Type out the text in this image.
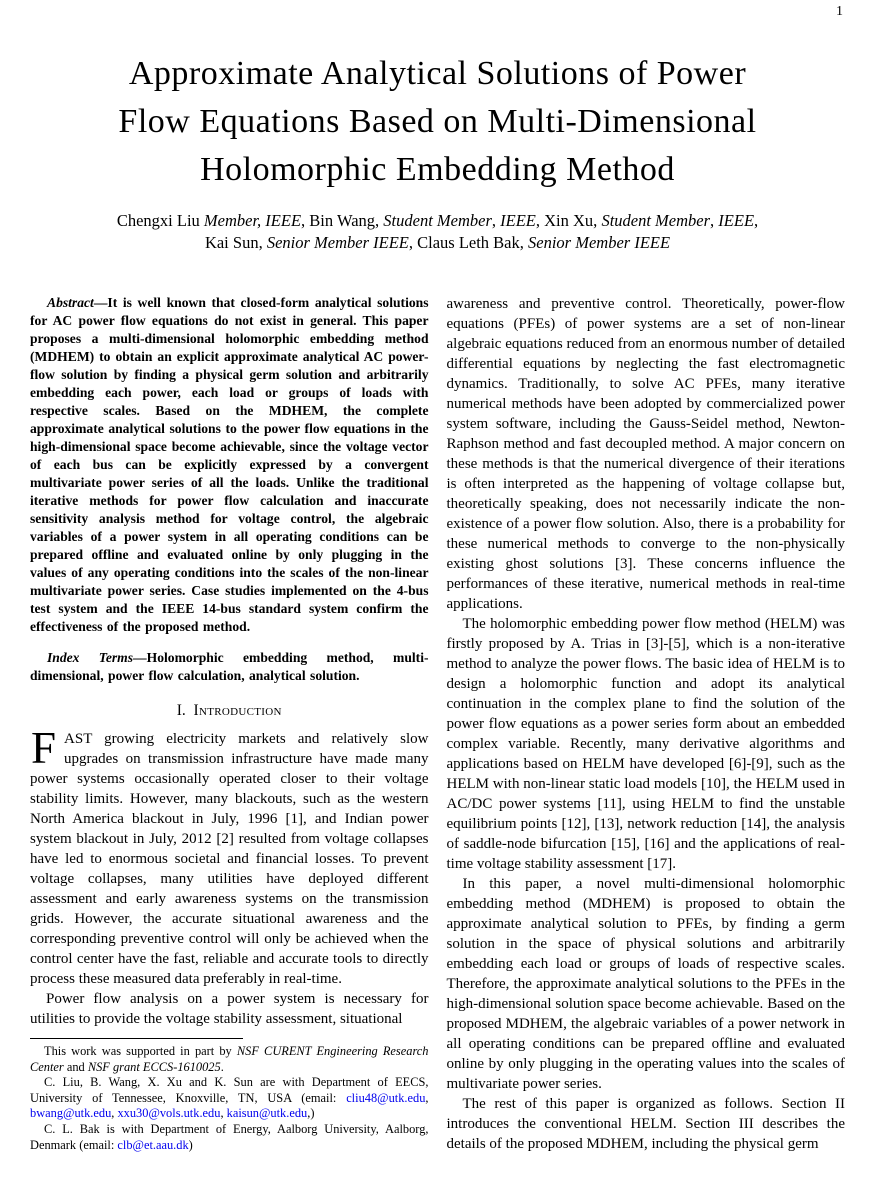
1
Approximate Analytical Solutions of Power
Flow Equations Based on Multi-Dimensional
Holomorphic Embedding Method
Chengxi Liu Member, IEEE, Bin Wang, Student Member, IEEE, Xin Xu, Student Member, IEEE,
Kai Sun, Senior Member IEEE, Claus Leth Bak, Senior Member IEEE

Abstract—It is well known that closed-form analytical solutions for AC power flow equations do not exist in general. This paper proposes a multi-dimensional holomorphic embedding method (MDHEM) to obtain an explicit approximate analytical AC power-flow solution by finding a physical germ solution and arbitrarily embedding each power, each load or groups of loads with respective scales. Based on the MDHEM, the complete approximate analytical solutions to the power flow equations in the high-dimensional space become achievable, since the voltage vector of each bus can be explicitly expressed by a convergent multivariate power series of all the loads. Unlike the traditional iterative methods for power flow calculation and inaccurate sensitivity analysis method for voltage control, the algebraic variables of a power system in all operating conditions can be prepared offline and evaluated online by only plugging in the values of any operating conditions into the scales of the non-linear multivariate power series. Case studies implemented on the 4-bus test system and the IEEE 14-bus standard system confirm the effectiveness of the proposed method.

Index Terms—Holomorphic embedding method, multi-dimensional, power flow calculation, analytical solution.

I. Introduction

FAST growing electricity markets and relatively slow upgrades on transmission infrastructure have made many power systems occasionally operated closer to their voltage stability limits. However, many blackouts, such as the western North America blackout in July, 1996 [1], and Indian power system blackout in July, 2012 [2] resulted from voltage collapses have led to enormous societal and financial losses. To prevent voltage collapses, many utilities have deployed different assessment and early awareness systems on the transmission grids. However, the accurate situational awareness and the corresponding preventive control will only be achieved when the control center have the fast, reliable and accurate tools to directly process these measured data preferably in real-time.

Power flow analysis on a power system is necessary for utilities to provide the voltage stability assessment, situational

This work was supported in part by NSF CURENT Engineering Research Center and NSF grant ECCS-1610025.

C. Liu, B. Wang, X. Xu and K. Sun are with Department of EECS, University of Tennessee, Knoxville, TN, USA (email: cliu48@utk.edu, bwang@utk.edu, xxu30@vols.utk.edu, kaisun@utk.edu,)

C. L. Bak is with Department of Energy, Aalborg University, Aalborg, Denmark (email: clb@et.aau.dk)

awareness and preventive control. Theoretically, power-flow equations (PFEs) of power systems are a set of non-linear algebraic equations reduced from an enormous number of detailed differential equations by neglecting the fast electromagnetic dynamics. Traditionally, to solve AC PFEs, many iterative numerical methods have been adopted by commercialized power system software, including the Gauss-Seidel method, Newton-Raphson method and fast decoupled method. A major concern on these methods is that the numerical divergence of their iterations is often interpreted as the happening of voltage collapse but, theoretically speaking, does not necessarily indicate the non-existence of a power flow solution. Also, there is a probability for these numerical methods to converge to the non-physically existing ghost solutions [3]. These concerns influence the performances of these iterative, numerical methods in real-time applications.

The holomorphic embedding power flow method (HELM) was firstly proposed by A. Trias in [3]-[5], which is a non-iterative method to analyze the power flows. The basic idea of HELM is to design a holomorphic function and adopt its analytical continuation in the complex plane to find the solution of the power flow equations as a power series form about an embedded complex variable. Recently, many derivative algorithms and applications based on HELM have developed [6]-[9], such as the HELM with non-linear static load models [10], the HELM used in AC/DC power systems [11], using HELM to find the unstable equilibrium points [12], [13], network reduction [14], the analysis of saddle-node bifurcation [15], [16] and the applications of real-time voltage stability assessment [17].

In this paper, a novel multi-dimensional holomorphic embedding method (MDHEM) is proposed to obtain the approximate analytical solution to PFEs, by finding a germ solution in the space of physical solutions and arbitrarily embedding each load or groups of loads of respective scales. Therefore, the approximate analytical solutions to the PFEs in the high-dimensional solution space become achievable. Based on the proposed MDHEM, the algebraic variables of a power network in all operating conditions can be prepared offline and evaluated online by only plugging in the operating values into the scales of multivariate power series.

The rest of this paper is organized as follows. Section II introduces the conventional HELM. Section III describes the details of the proposed MDHEM, including the physical germ
